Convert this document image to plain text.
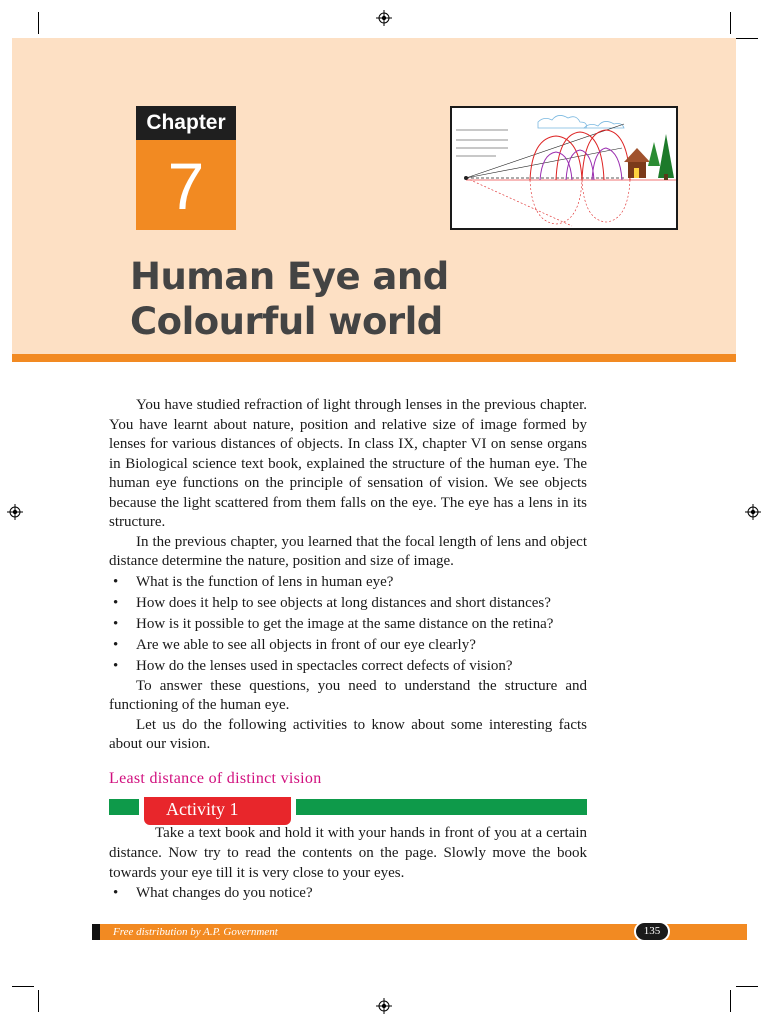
Chapter
7
Human Eye and
Colourful world

You have studied refraction of light through lenses in the previous chapter. You have learnt about nature, position and relative size of image formed by lenses for various distances of objects. In class IX, chapter VI on sense organs in Biological science text book, explained the structure of the human eye. The human eye functions on the principle of sensation of vision. We see objects because the light scattered from them falls on the eye. The eye has a lens in its structure.

In the previous chapter, you learned that the focal length of lens and object distance determine the nature, position and size of image.

• What is the function of lens in human eye?
• How does it help to see objects at long distances and short distances?
• How is it possible to get the image at the same distance on the retina?
• Are we able to see all objects in front of our eye clearly?
• How do the lenses used in spectacles correct defects of vision?

To answer these questions, you need to understand the structure and functioning of the human eye.

Let us do the following activities to know about some interesting facts about our vision.

Least distance of distinct vision
Activity 1

Take a text book and hold it with your hands in front of you at a certain distance. Now try to read the contents on the page. Slowly move the book towards your eye till it is very close to your eyes.

• What changes do you notice?
Free distribution by A.P. Government	135
